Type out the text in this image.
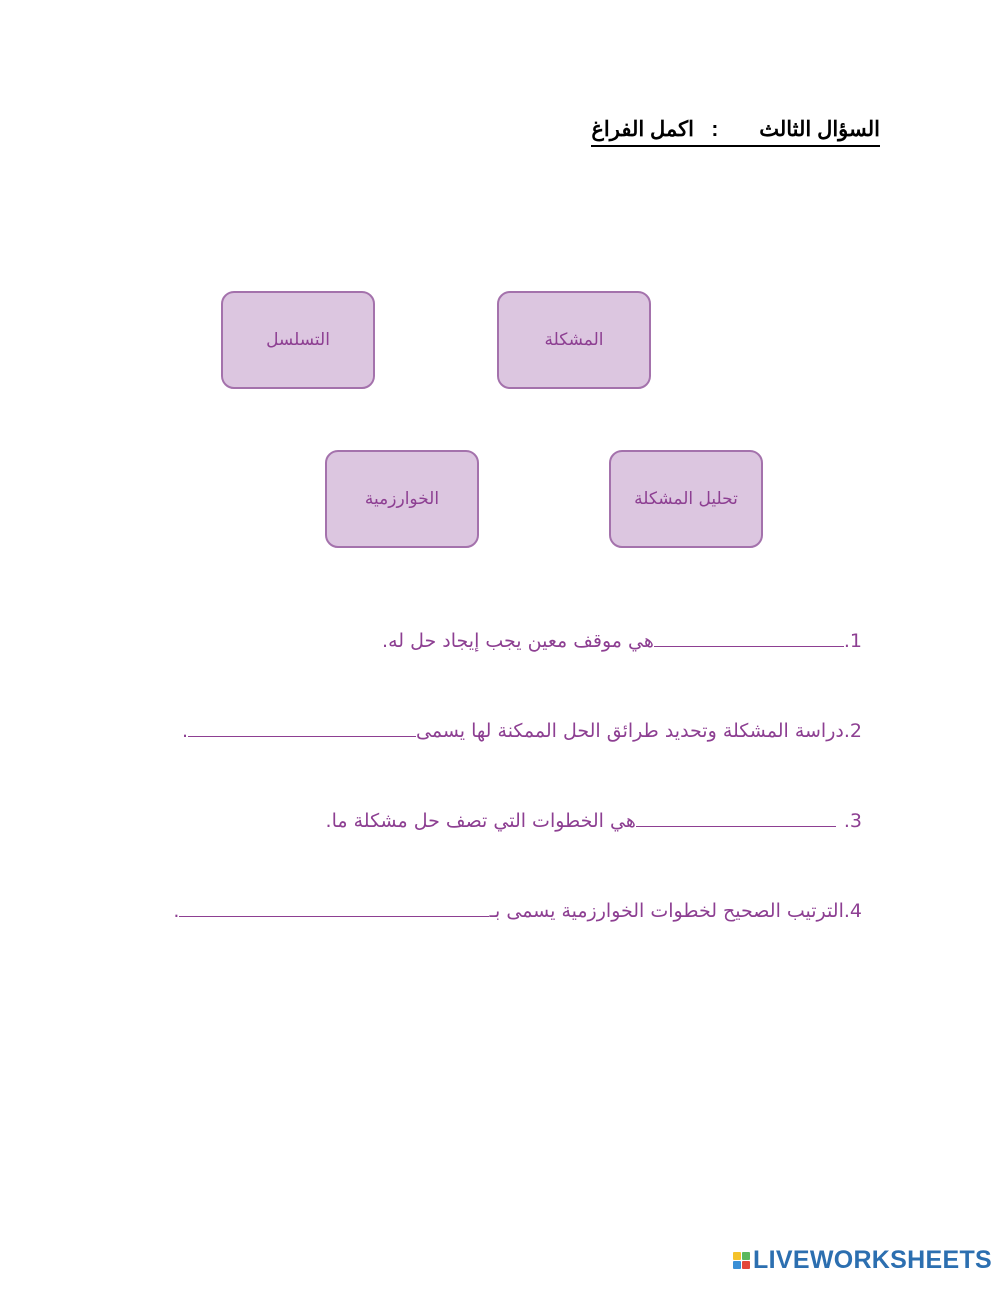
السؤال الثالث       :   اكمل الفراغ
التسلسل	المشكلة
الخوارزمية	تحليل المشكلة
1.
هي موقف معين يجب إيجاد حل له.
2.
دراسة المشكلة وتحديد طرائق الحل الممكنة لها يسمى
.
3.
هي الخطوات التي تصف حل مشكلة ما.
4.
الترتيب الصحيح لخطوات الخوارزمية يسمى بـ
.
LIVEWORKSHEETS
